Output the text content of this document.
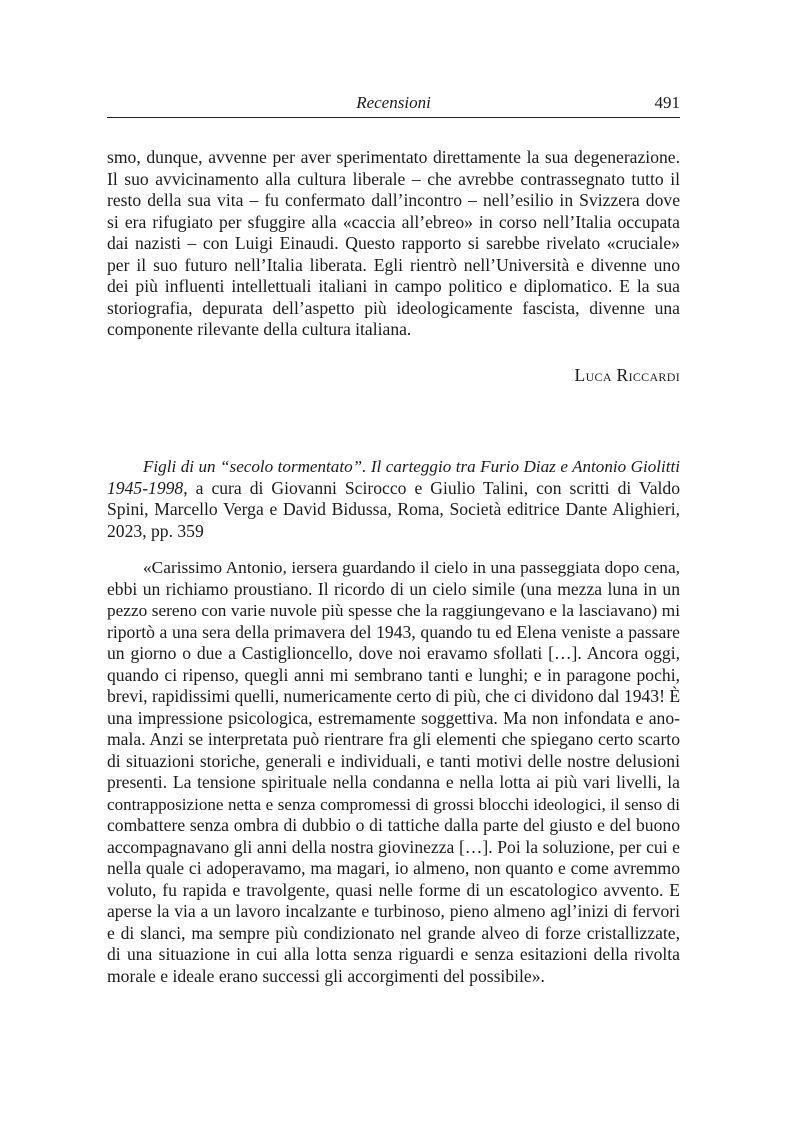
Recensioni	491
smo, dunque, avvenne per aver sperimentato direttamente la sua degenerazione.
Il suo avvicinamento alla cultura liberale – che avrebbe contrassegnato tutto il
resto della sua vita – fu confermato dall’incontro – nell’esilio in Svizzera dove
si era rifugiato per sfuggire alla «caccia all’ebreo» in corso nell’Italia occupata
dai nazisti – con Luigi Einaudi. Questo rapporto si sarebbe rivelato «cruciale»
per il suo futuro nell’Italia liberata. Egli rientrò nell’Università e divenne uno
dei più influenti intellettuali italiani in campo politico e diplomatico. E la sua
storiografia, depurata dell’aspetto più ideologicamente fascista, divenne una
componente rilevante della cultura italiana.
Luca Riccardi
Figli di un “secolo tormentato”. Il carteggio tra Furio Diaz e Antonio Giolitti
1945-1998, a cura di Giovanni Scirocco e Giulio Talini, con scritti di Valdo
Spini, Marcello Verga e David Bidussa, Roma, Società editrice Dante Alighieri,
2023, pp. 359
«Carissimo Antonio, iersera guardando il cielo in una passeggiata dopo cena,
ebbi un richiamo proustiano. Il ricordo di un cielo simile (una mezza luna in un
pezzo sereno con varie nuvole più spesse che la raggiungevano e la lasciavano) mi
riportò a una sera della primavera del 1943, quando tu ed Elena veniste a passare
un giorno o due a Castiglioncello, dove noi eravamo sfollati […]. Ancora oggi,
quando ci ripenso, quegli anni mi sembrano tanti e lunghi; e in paragone pochi,
brevi, rapidissimi quelli, numericamente certo di più, che ci dividono dal 1943! È
una impressione psicologica, estremamente soggettiva. Ma non infondata e ano-
mala. Anzi se interpretata può rientrare fra gli elementi che spiegano certo scarto
di situazioni storiche, generali e individuali, e tanti motivi delle nostre delusioni
presenti. La tensione spirituale nella condanna e nella lotta ai più vari livelli, la
contrapposizione netta e senza compromessi di grossi blocchi ideologici, il senso di
combattere senza ombra di dubbio o di tattiche dalla parte del giusto e del buono
accompagnavano gli anni della nostra giovinezza […]. Poi la soluzione, per cui e
nella quale ci adoperavamo, ma magari, io almeno, non quanto e come avremmo
voluto, fu rapida e travolgente, quasi nelle forme di un escatologico avvento. E
aperse la via a un lavoro incalzante e turbinoso, pieno almeno agl’inizi di fervori
e di slanci, ma sempre più condizionato nel grande alveo di forze cristallizzate,
di una situazione in cui alla lotta senza riguardi e senza esitazioni della rivolta
morale e ideale erano successi gli accorgimenti del possibile».
